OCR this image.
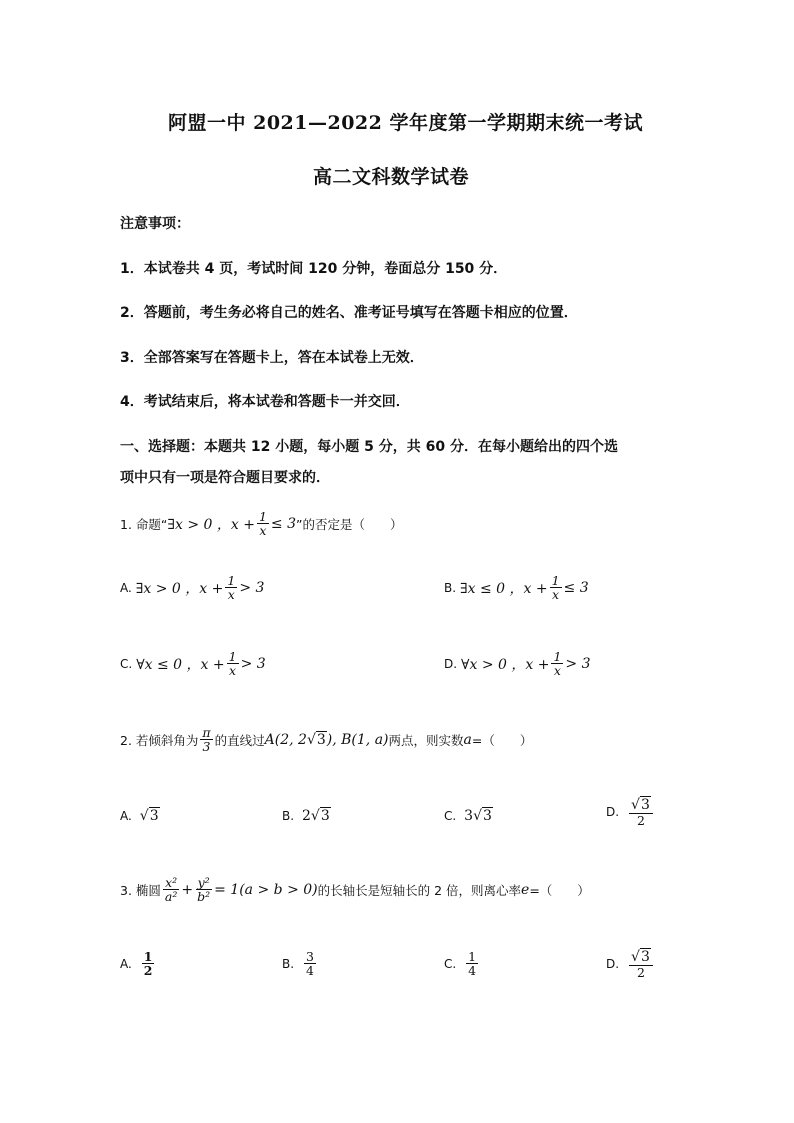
阿盟一中 2021—2022 学年度第一学期期末统一考试
高二文科数学试卷
注意事项：
1．本试卷共 4 页，考试时间 120 分钟，卷面总分 150 分．
2．答题前，考生务必将自己的姓名、准考证号填写在答题卡相应的位置．
3．全部答案写在答题卡上，答在本试卷上无效．
4．考试结束后，将本试卷和答题卡一并交回．
一、选择题：本题共 12 小题，每小题 5 分，共 60 分．在每小题给出的四个选
项中只有一项是符合题目要求的．
1. 命题“ ∃x > 0 ，$x + \frac{1}{x} \le 3$ ”的否定是（　　）
A.
∃x > 0 ，$x + \frac{1}{x} > 3$	B.
∃x ≤ 0 ，$x + \frac{1}{x} \le 3$
C.
∀x ≤ 0 ，$x + \frac{1}{x} > 3$	D.
∀x > 0 ，$x + \frac{1}{x} > 3$
2. 若倾斜角为 $\frac{\pi}{3}$ 的直线过 A(2, 2 √3 ), B(1, a) 两点，则实数 a =（　　）
A.
√3	B.
2 √3	C.
3 √3	D.
$\frac{√3}{2}$
3. 椭圆 $\frac{\text{x²}}{\text{a²}} + \frac{\text{y²}}{\text{b²}} = 1(a > b > 0)$ 的长轴长是短轴长的 2 倍，则离心率 e =（　　）
A.
$\frac{1}{2}$	B.
$\frac{3}{4}$	C.
$\frac{1}{4}$	D.
$\frac{√3}{2}$
